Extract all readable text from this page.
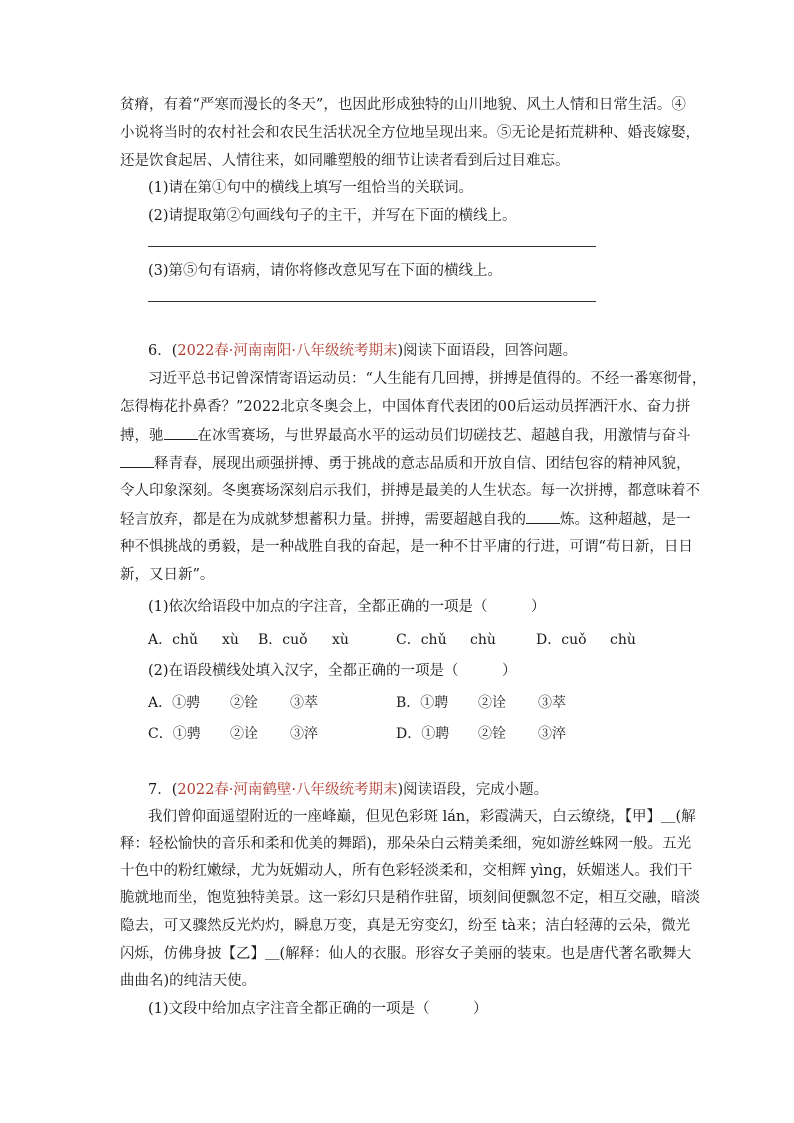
贫瘠，有着“严寒而漫长的冬天”，也因此形成独特的山川地貌、风土人情和日常生活。④
小说将当时的农村社会和农民生活状况全方位地呈现出来。⑤无论是拓荒耕种、婚丧嫁娶，
还是饮食起居、人情往来，如同雕塑般的细节让读者看到后过目难忘。
(1)请在第①句中的横线上填写一组恰当的关联词。
(2)请提取第②句画线句子的主干，并写在下面的横线上。
(3)第⑤句有语病，请你将修改意见写在下面的横线上。
6．(2022春·河南南阳·八年级统考期末)阅读下面语段，回答问题。
习近平总书记曾深情寄语运动员：“人生能有几回搏，拼搏是值得的。不经一番寒彻骨，
怎得梅花扑鼻香？”2022北京冬奥会上，中国体育代表团的00后运动员挥洒汗水、奋力拼
搏，驰 在冰雪赛场，与世界最高水平的运动员们切磋技艺、超越自我，用激情与奋斗
释青春，展现出顽强拼搏、勇于挑战的意志品质和开放自信、团结包容的精神风貌，
令人印象深刻。冬奥赛场深刻启示我们，拼搏是最美的人生状态。每一次拼搏，都意味着不
轻言放弃，都是在为成就梦想蓄积力量。拼搏，需要超越自我的 炼。这种超越，是一
种不惧挑战的勇毅，是一种战胜自我的奋起，是一种不甘平庸的行进，可谓“苟日新，日日
新，又日新”。
(1)依次给语段中加点的字注音，全都正确的一项是（　　　）
A．chǔ xù B．cuǒ xù	C．chǔ chù	D．cuǒ chù
(2)在语段横线处填入汉字，全都正确的一项是（　　　）
A．①骋 ②铨 ③萃	B．①聘 ②诠 ③萃
C．①骋 ②诠 ③淬	D．①聘 ②铨 ③淬
7．(2022春·河南鹤壁·八年级统考期末)阅读语段，完成小题。
我们曾仰面遥望附近的一座峰巅，但见色彩斑 lán，彩霞满天，白云缭绕，【甲】＿(解
释：轻松愉快的音乐和柔和优美的舞蹈)，那朵朵白云精美柔细，宛如游丝蛛网一般。五光
十色中的粉红嫩绿，尤为妩媚动人，所有色彩轻淡柔和，交相辉 yìng，妖媚迷人。我们干
脆就地而坐，饱览独特美景。这一彩幻只是稍作驻留，顷刻间便飘忽不定，相互交融，暗淡
隐去，可又骤然反光灼灼，瞬息万变，真是无穷变幻，纷至 tà来；洁白轻薄的云朵，微光
闪烁，仿佛身披【乙】＿(解释：仙人的衣服。形容女子美丽的装束。也是唐代著名歌舞大
曲曲名)的纯洁天使。
(1)文段中给加点字注音全都正确的一项是（　　　）
